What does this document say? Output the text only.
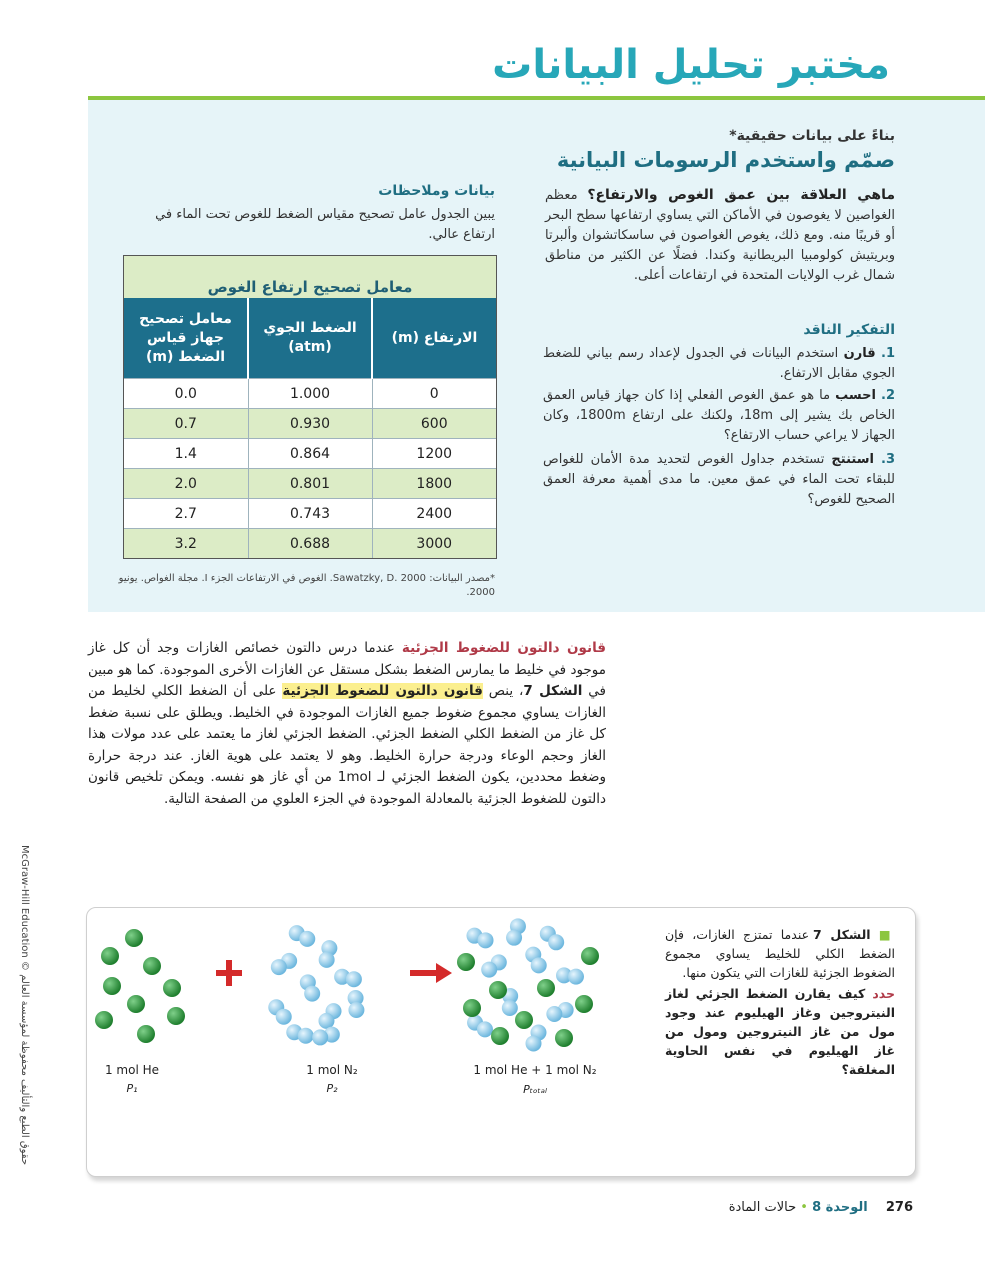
مختبر تحليل البيانات
بناءً على بيانات حقيقية*
صمّم واستخدم الرسومات البيانية
ماهي العلاقة بين عمق الغوص والارتفاع؟ معظم الغواصين لا يغوصون في الأماكن التي يساوي ارتفاعها سطح البحر أو قريبًا منه. ومع ذلك، يغوص الغواصون في ساسكاتشوان وألبرتا وبريتيش كولومبيا البريطانية وكندا. فضلًا عن الكثير من مناطق شمال غرب الولايات المتحدة في ارتفاعات أعلى.
التفكير الناقد
1. قارن استخدم البيانات في الجدول لإعداد رسم بياني للضغط الجوي مقابل الارتفاع.
2. احسب ما هو عمق الغوص الفعلي إذا كان جهاز قياس العمق الخاص بك يشير إلى 18m، ولكنك على ارتفاع 1800m، وكان الجهاز لا يراعي حساب الارتفاع؟
3. استنتج تستخدم جداول الغوص لتحديد مدة الأمان للغواص للبقاء تحت الماء في عمق معين. ما مدى أهمية معرفة العمق الصحيح للغوص؟
بيانات وملاحظات
يبين الجدول عامل تصحيح مقياس الضغط للغوص تحت الماء في ارتفاع عالي.
معامل تصحيح ارتفاع الغوص
معامل تصحيح جهاز قياس الضغط (m)	الضغط الجوي (atm)	الارتفاع (m)
0.0	1.000	0
0.7	0.930	600
1.4	0.864	1200
2.0	0.801	1800
2.7	0.743	2400
3.2	0.688	3000
*مصدر البيانات: Sawatzky, D. 2000. الغوص في الارتفاعات الجزء I. مجلة الغواص. يونيو 2000.
قانون دالتون للضغوط الجزئية عندما درس دالتون خصائص الغازات وجد أن كل غاز موجود في خليط ما يمارس الضغط بشكل مستقل عن الغازات الأخرى الموجودة. كما هو مبين في الشكل 7، ينص قانون دالتون للضغوط الجزئية على أن الضغط الكلي لخليط من الغازات يساوي مجموع ضغوط جميع الغازات الموجودة في الخليط. ويطلق على نسبة ضغط كل غاز من الضغط الكلي الضغط الجزئي. الضغط الجزئي لغاز ما يعتمد على عدد مولات هذا الغاز وحجم الوعاء ودرجة حرارة الخليط. وهو لا يعتمد على هوية الغاز. عند درجة حرارة وضغط محددين، يكون الضغط الجزئي لـ 1mol من أي غاز هو نفسه. ويمكن تلخيص قانون دالتون للضغوط الجزئية بالمعادلة الموجودة في الجزء العلوي من الصفحة التالية.
McGraw-Hill Education © حقوق الطبع والتأليف محفوظة لمؤسسة العالم	1 mol He
P₁
1 mol N₂
P₂
1 mol He + 1 mol N₂
Pₜₒₜₐₗ
■ الشكل 7 عندما تمتزج الغازات، فإن الضغط الكلي للخليط يساوي مجموع الضغوط الجزئية للغازات التي يتكون منها.
حدد كيف يقارن الضغط الجزئي لغاز النيتروجين وغاز الهيليوم عند وجود مول من غاز النيتروجين ومول من غاز الهيليوم في نفس الحاوية المغلقة؟
276 الوحدة 8 • حالات المادة
